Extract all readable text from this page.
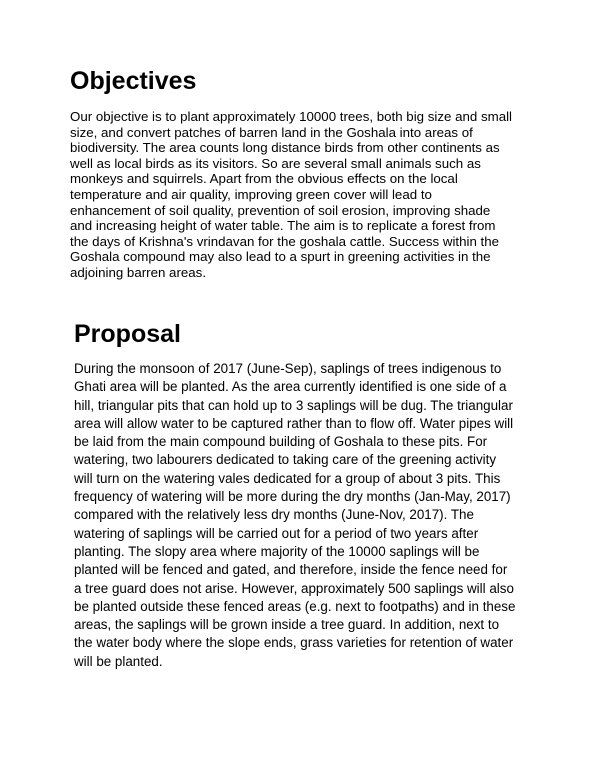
Objectives

Our objective is to plant approximately 10000 trees, both big size and small
size, and convert patches of barren land in the Goshala into areas of
biodiversity. The area counts long distance birds from other continents as
well as local birds as its visitors. So are several small animals such as
monkeys and squirrels. Apart from the obvious effects on the local
temperature and air quality, improving green cover will lead to
enhancement of soil quality, prevention of soil erosion, improving shade
and increasing height of water table. The aim is to replicate a forest from
the days of Krishna's vrindavan for the goshala cattle. Success within the
Goshala compound may also lead to a spurt in greening activities in the
adjoining barren areas.

Proposal

During the monsoon of 2017 (June-Sep), saplings of trees indigenous to
Ghati area will be planted. As the area currently identified is one side of a
hill, triangular pits that can hold up to 3 saplings will be dug. The triangular
area will allow water to be captured rather than to flow off. Water pipes will
be laid from the main compound building of Goshala to these pits. For
watering, two labourers dedicated to taking care of the greening activity
will turn on the watering vales dedicated for a group of about 3 pits. This
frequency of watering will be more during the dry months (Jan-May, 2017)
compared with the relatively less dry months (June-Nov, 2017). The
watering of saplings will be carried out for a period of two years after
planting. The slopy area where majority of the 10000 saplings will be
planted will be fenced and gated, and therefore, inside the fence need for
a tree guard does not arise. However, approximately 500 saplings will also
be planted outside these fenced areas (e.g. next to footpaths) and in these
areas, the saplings will be grown inside a tree guard. In addition, next to
the water body where the slope ends, grass varieties for retention of water
will be planted.
